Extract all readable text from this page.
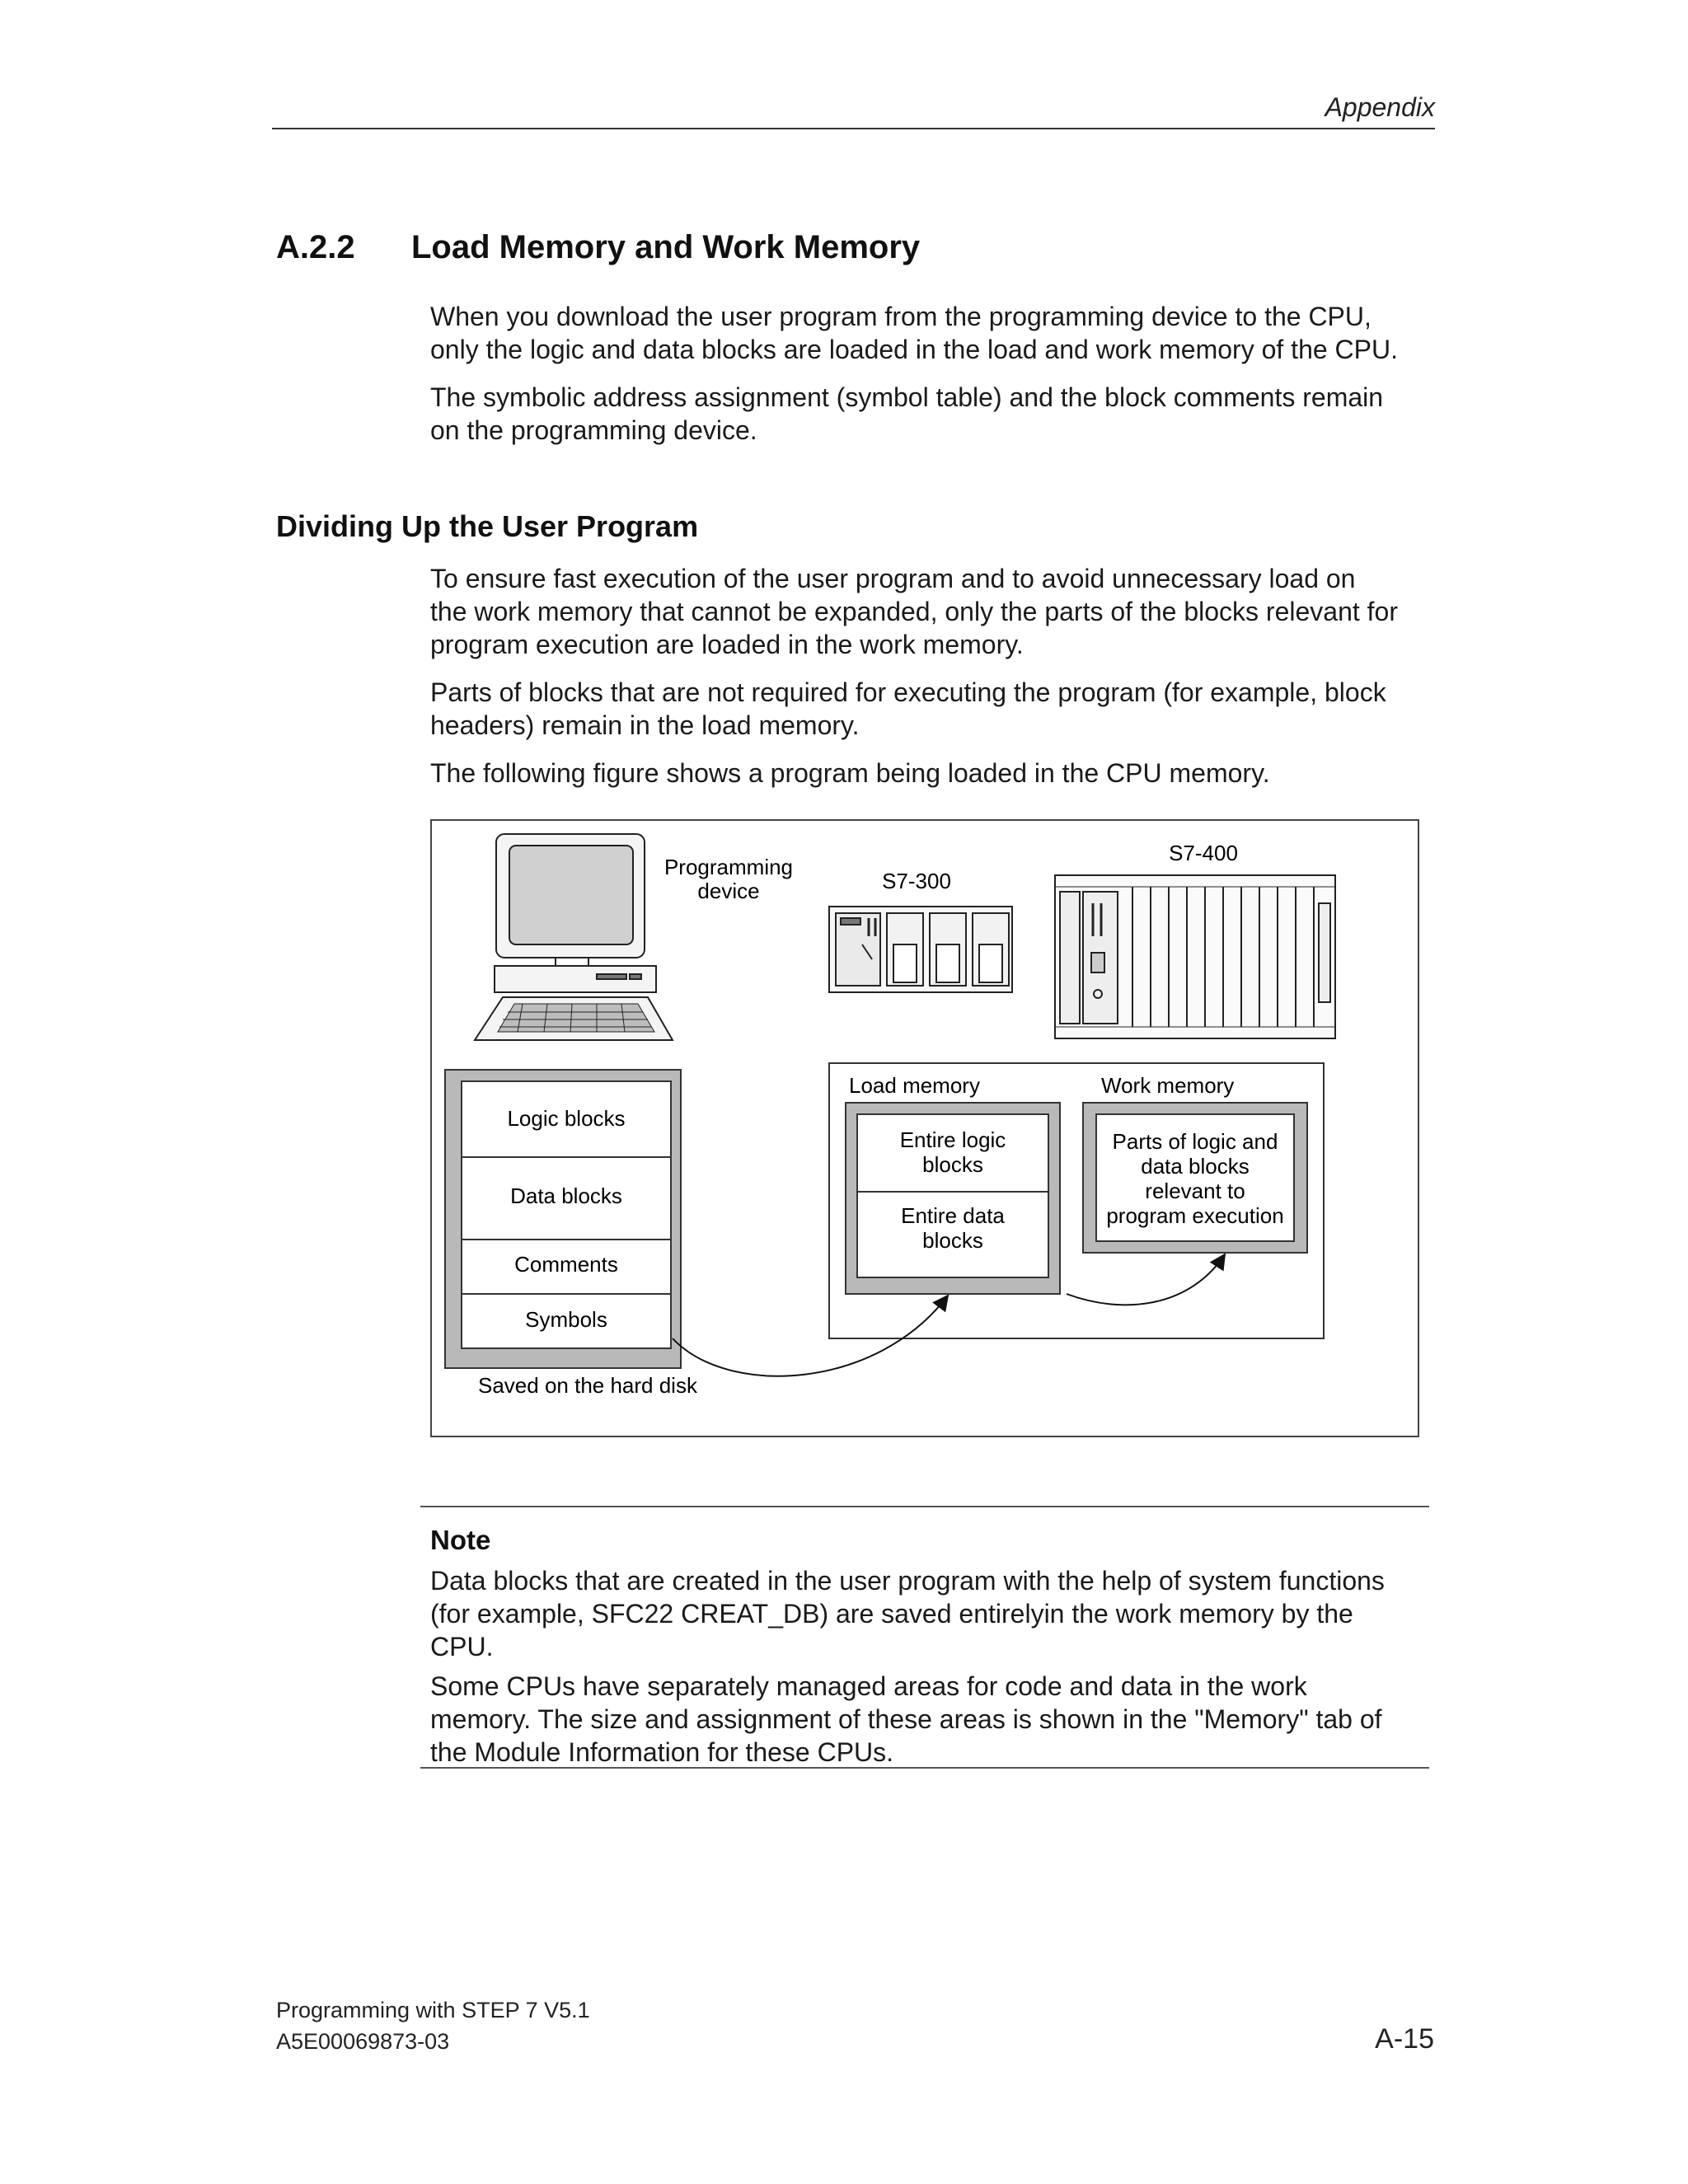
Appendix
A.2.2 Load Memory and Work Memory
When you download the user program from the programming device to the CPU,
only the logic and data blocks are loaded in the load and work memory of the CPU.
The symbolic address assignment (symbol table) and the block comments remain
on the programming device.
Dividing Up the User Program
To ensure fast execution of the user program and to avoid unnecessary load on
the work memory that cannot be expanded, only the parts of the blocks relevant for
program execution are loaded in the work memory.
Parts of blocks that are not required for executing the program (for example, block
headers) remain in the load memory.
The following figure shows a program being loaded in the CPU memory.
Programming
device	S7-300
S7-400
Logic blocks
Data blocks
Comments
Symbols
Saved on the hard disk
Load memory	Work memory
Entire logic
blocks
Entire data
blocks
Parts of logic and
data blocks
relevant to
program execution
Note
Data blocks that are created in the user program with the help of system functions
(for example, SFC22 CREAT_DB) are saved entirelyin the work memory by the
CPU.
Some CPUs have separately managed areas for code and data in the work
memory. The size and assignment of these areas is shown in the "Memory" tab of
the Module Information for these CPUs.
Programming with STEP 7 V5.1
A5E00069873-03	A-15
